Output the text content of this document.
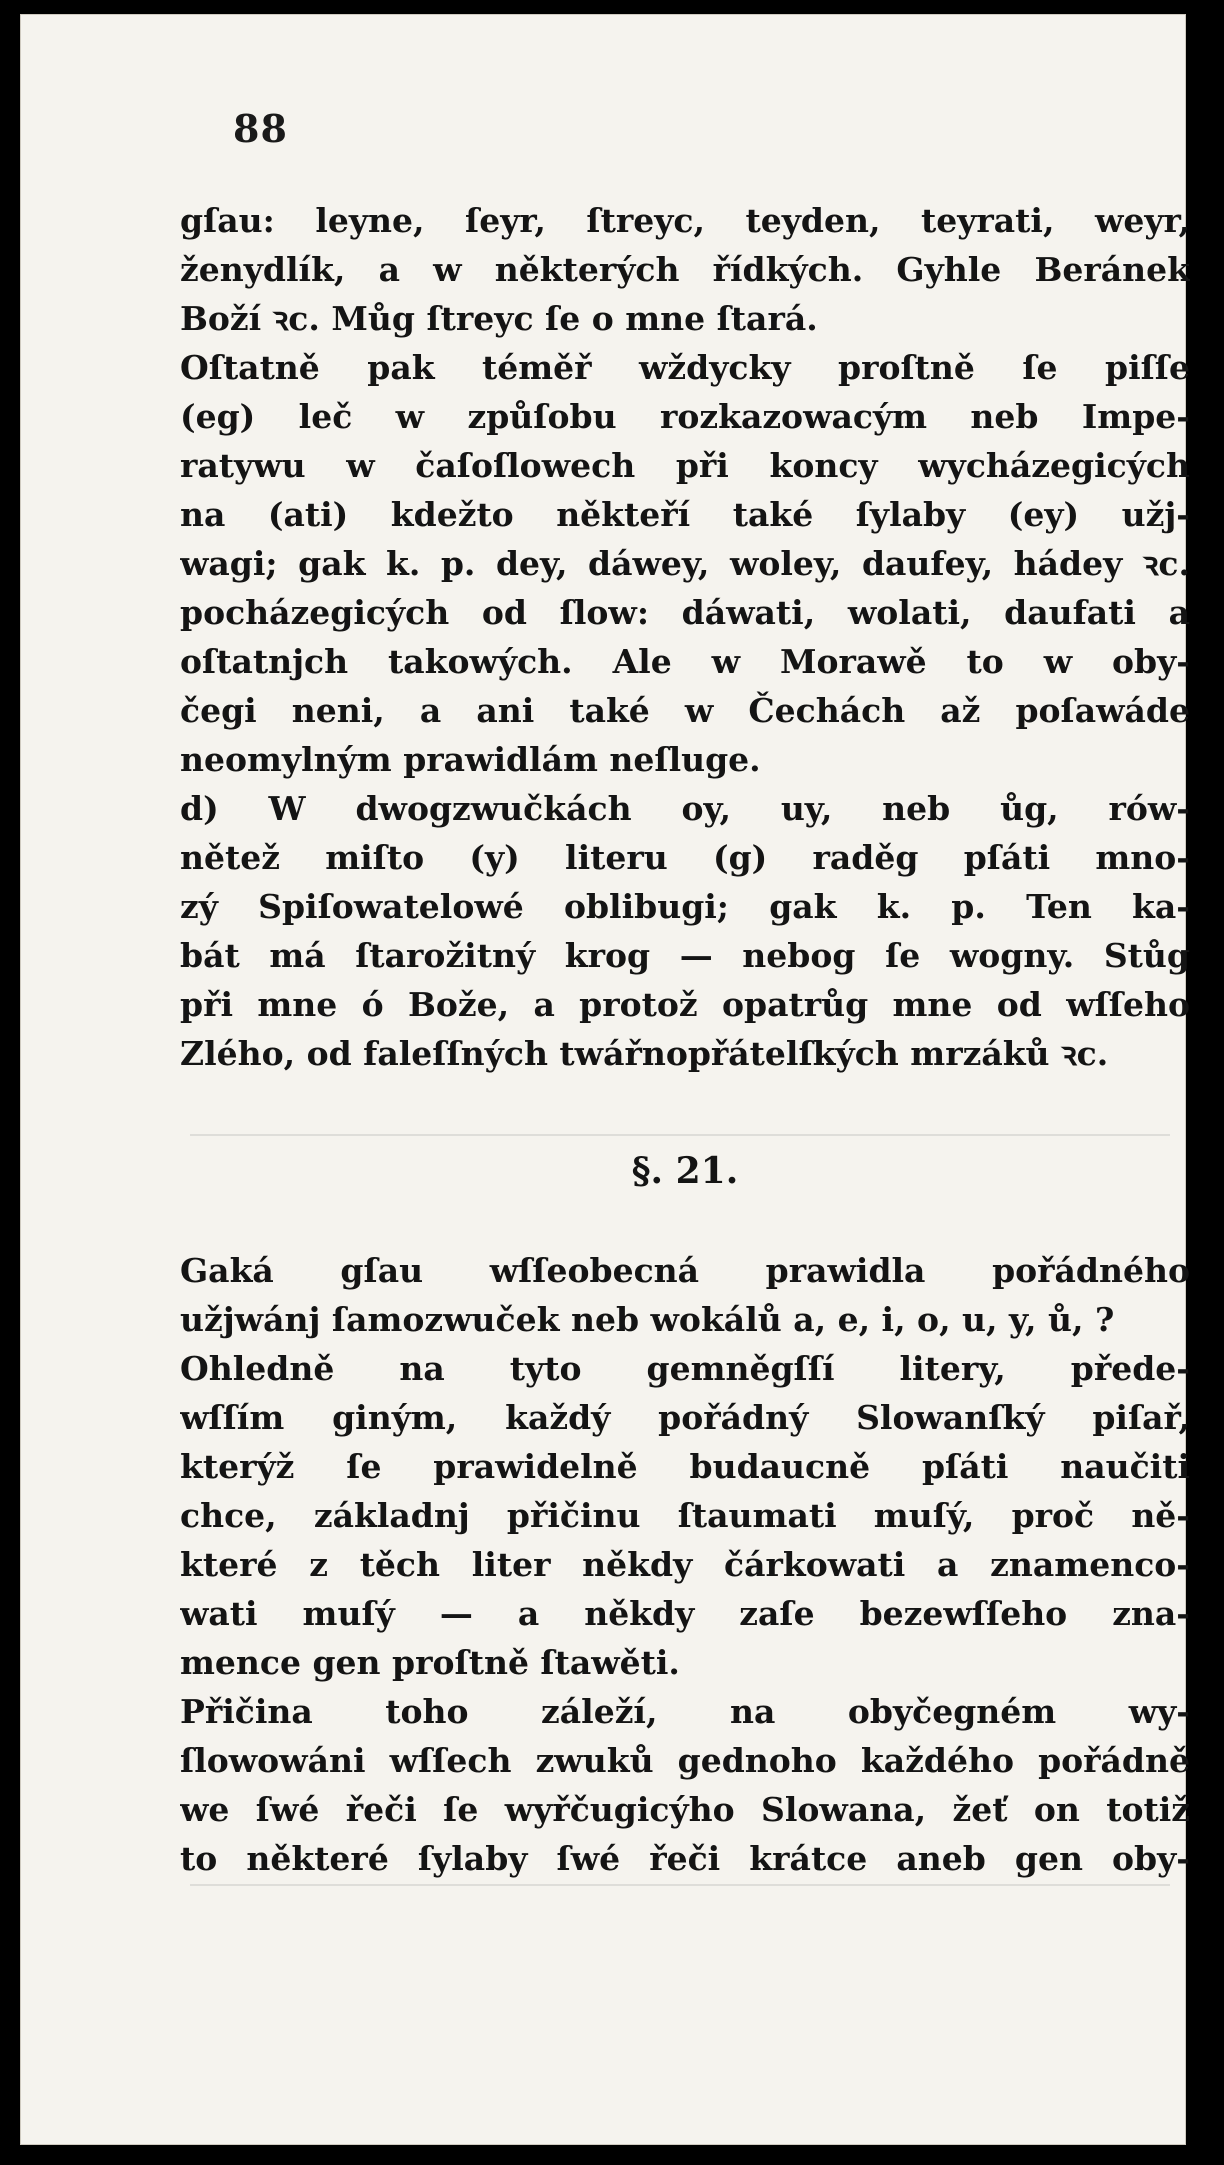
88
gſau: leyne, ſeyr, ſtreyc, teyden, teyrati, weyr,
ženydlík, a w některých řídkých. Gyhle Beránek
Boží ꝛc. Můg ſtreyc ſe o mne ſtará.
Oſtatně pak téměř wždycky proſtně ſe piſſe
(eg) leč w způſobu rozkazowacým neb Impe-
ratywu w čaſoſlowech při koncy wycházegicých
na (ati) kdežto někteří také ſylaby (ey) užj-
wagi; gak k. p. dey, dáwey, woley, daufey, hádey ꝛc.
pocházegicých od ſlow: dáwati, wolati, daufati a
oſtatnjch takowých. Ale w Morawě to w oby-
čegi neni, a ani také w Čechách až poſawáde
neomylným prawidlám neſluge.
d) W dwogzwučkách oy, uy, neb ůg, rów-
nětež miſto (y) literu (g) raděg pſáti mno-
zý Spiſowatelowé oblibugi; gak k. p. Ten ka-
bát má ſtarožitný krog — nebog ſe wogny. Stůg
při mne ó Bože, a protož opatrůg mne od wſſeho
Zlého, od faleſſných twářnopřátelſkých mrzáků ꝛc.
§. 21.
Gaká gſau wſſeobecná prawidla pořádného
užjwánj ſamozwuček neb wokálů a, e, i, o, u, y, ů, ?
Ohledně na tyto gemněgſſí litery, přede-
wſſím giným, každý pořádný Slowanſký piſař,
kterýž ſe prawidelně budaucně pſáti naučiti
chce, základnj přičinu ſtaumati muſý, proč ně-
které z těch liter někdy čárkowati a znamenco-
wati muſý — a někdy zaſe bezewſſeho zna-
mence gen proſtně ſtawěti.
Přičina toho záleží, na obyčegném wy-
ſlowowáni wſſech zwuků gednoho každého pořádně
we ſwé řeči ſe wyřčugicýho Slowana, žeť on totiž
to některé ſylaby ſwé řeči krátce aneb gen oby-
